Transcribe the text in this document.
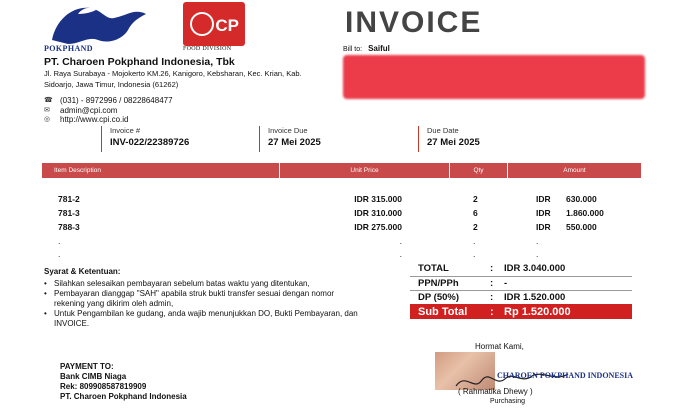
POKPHAND
CP
FOOD DIVISION
INVOICE
PT. Charoen Pokphand Indonesia, Tbk
Jl. Raya Surabaya - Mojokerto KM.26, Kanigoro, Kebsharan, Kec. Krian, Kab. Sidoarjo, Jawa Timur, Indonesia (61262)
☎ (031) - 8972996 / 08228648477
✉	admin@cpi.com
◎	http://www.cpi.co.id
Bill to: Saiful
Invoice #
INV-022/22389726
Invoice Due
27 Mei 2025
Due Date
27 Mei 2025
Item Description	Unit Price	Qty	Amount
781-2	IDR 315.000	2	IDR	630.000
781-3	IDR 310.000	6	IDR	1.860.000
788-3	IDR 275.000	2	IDR	550.000
.	.	.	.
.	.	.	.
Syarat & Ketentuan:
• Silahkan selesaikan pembayaran sebelum batas waktu yang ditentukan,
• Pembayaran dianggap "SAH" apabila struk bukti transfer sesuai dengan nomor rekening yang dikirim oleh admin,
• Untuk Pengambilan ke gudang, anda wajib menunjukkan DO, Bukti Pembayaran, dan INVOICE.
PAYMENT TO:
Bank CIMB Niaga
Rek: 809908587819909
PT. Charoen Pokphand Indonesia
TOTAL	:	IDR 3.040.000
PPN/PPh	:	-
DP (50%)	:	IDR 1.520.000
Sub Total	: Rp 1.520.000
Hormat Kami,
CHAROEN POKPHAND INDONESIA
( Rahmatika Dhewy )
Purchasing
